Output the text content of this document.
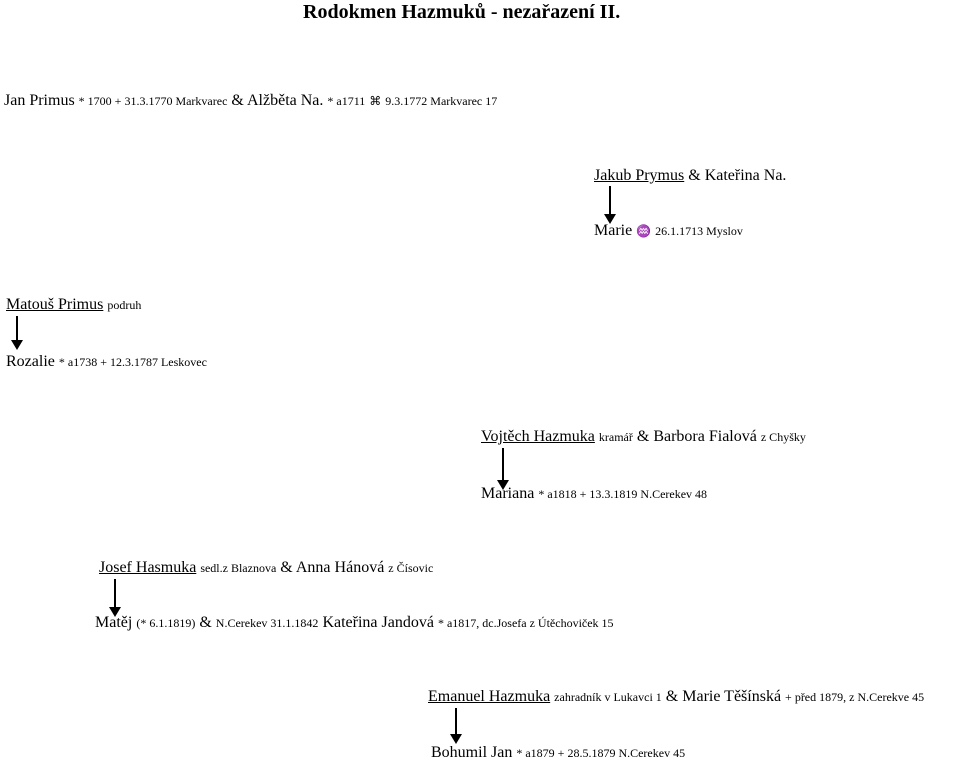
Rodokmen Hazmuků - nezařazení II.
Jan Primus * 1700 + 31.3.1770 Markvarec & Alžběta Na. * a1711 ⌘ 9.3.1772 Markvarec 17
Jakub Prymus & Kateřina Na.
Marie ♒ 26.1.1713 Myslov
Matouš Primus podruh
Rozalie * a1738 + 12.3.1787 Leskovec
Vojtěch Hazmuka kramář & Barbora Fialová z Chyšky
Mariana * a1818 + 13.3.1819 N.Cerekev 48
Josef Hasmuka sedl.z Blaznova & Anna Hánová z Čísovic
Matěj (* 6.1.1819) & N.Cerekev 31.1.1842 Kateřina Jandová * a1817, dc.Josefa z Útěchoviček 15
Emanuel Hazmuka zahradník v Lukavci 1 & Marie Těšínská + před 1879, z N.Cerekve 45
Bohumil Jan * a1879 + 28.5.1879 N.Cerekev 45
